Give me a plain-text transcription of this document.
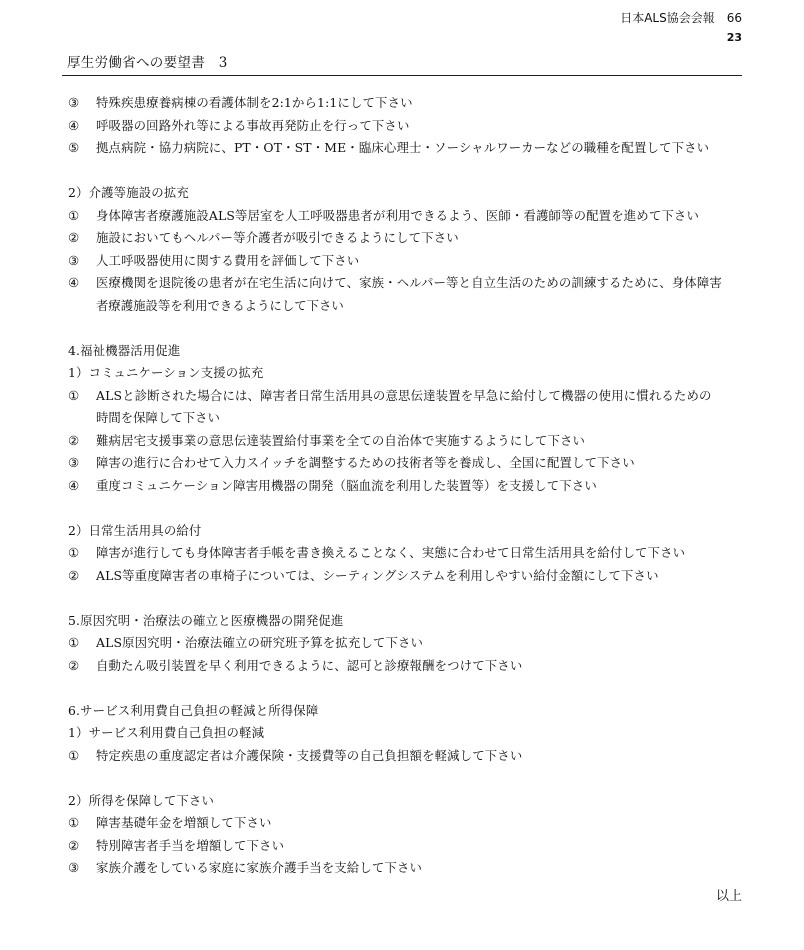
日本ALS協会会報　66
23
厚生労働省への要望書　3
③ 特殊疾患療養病棟の看護体制を2:1から1:1にして下さい
④ 呼吸器の回路外れ等による事故再発防止を行って下さい
⑤ 拠点病院・協力病院に、PT・OT・ST・ME・臨床心理士・ソーシャルワーカーなどの職種を配置して下さい
2）介護等施設の拡充
① 身体障害者療護施設ALS等居室を人工呼吸器患者が利用できるよう、医師・看護師等の配置を進めて下さい
② 施設においてもヘルパー等介護者が吸引できるようにして下さい
③ 人工呼吸器使用に関する費用を評価して下さい
④ 医療機関を退院後の患者が在宅生活に向けて、家族・ヘルパー等と自立生活のための訓練するために、身体障害
者療護施設等を利用できるようにして下さい
4.福祉機器活用促進
1）コミュニケーション支援の拡充
① ALSと診断された場合には、障害者日常生活用具の意思伝達装置を早急に給付して機器の使用に慣れるための
時間を保障して下さい
② 難病居宅支援事業の意思伝達装置給付事業を全ての自治体で実施するようにして下さい
③ 障害の進行に合わせて入力スイッチを調整するための技術者等を養成し、全国に配置して下さい
④ 重度コミュニケーション障害用機器の開発（脳血流を利用した装置等）を支援して下さい
2）日常生活用具の給付
① 障害が進行しても身体障害者手帳を書き換えることなく、実態に合わせて日常生活用具を給付して下さい
② ALS等重度障害者の車椅子については、シーティングシステムを利用しやすい給付金額にして下さい
5.原因究明・治療法の確立と医療機器の開発促進
① ALS原因究明・治療法確立の研究班予算を拡充して下さい
② 自動たん吸引装置を早く利用できるように、認可と診療報酬をつけて下さい
6.サービス利用費自己負担の軽減と所得保障
1）サービス利用費自己負担の軽減
① 特定疾患の重度認定者は介護保険・支援費等の自己負担額を軽減して下さい
2）所得を保障して下さい
① 障害基礎年金を増額して下さい
② 特別障害者手当を増額して下さい
③ 家族介護をしている家庭に家族介護手当を支給して下さい
以上
